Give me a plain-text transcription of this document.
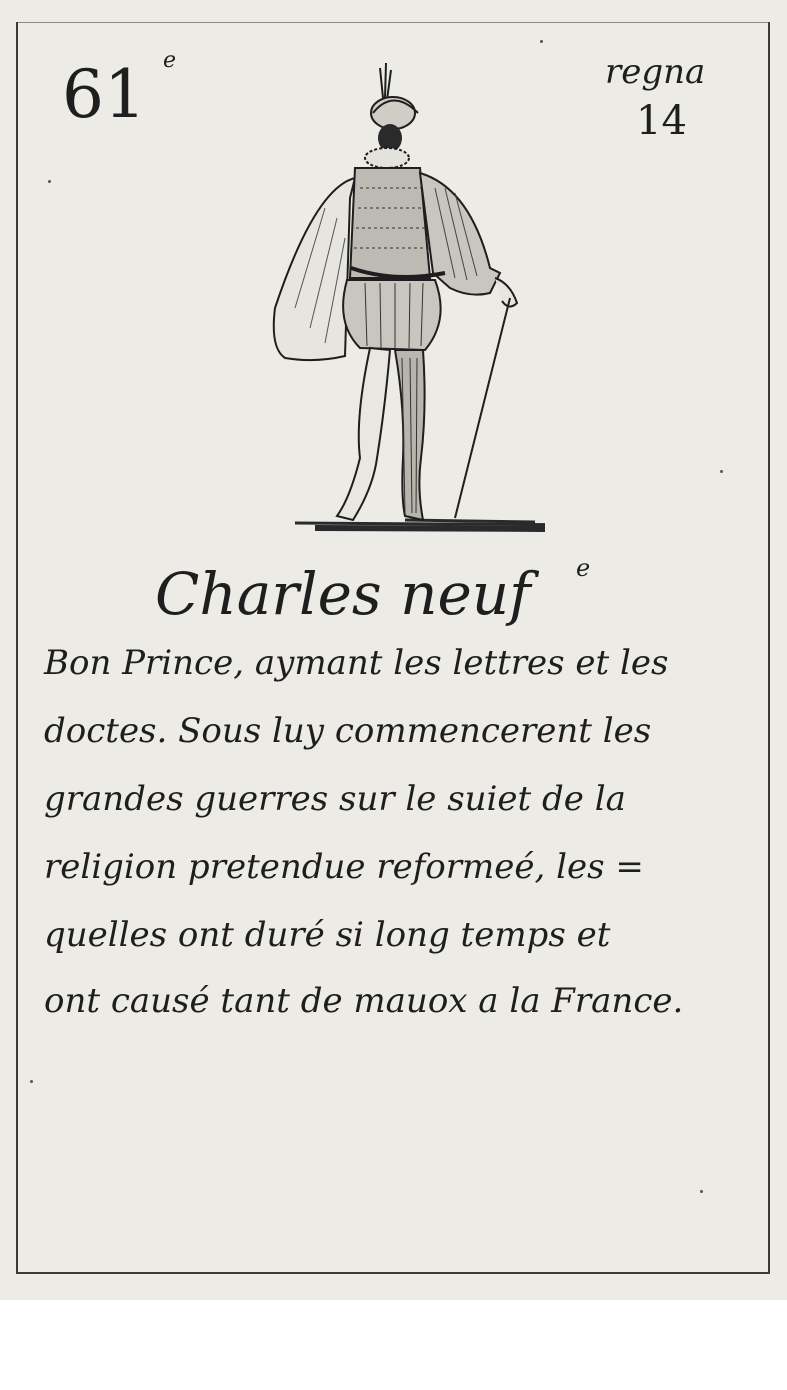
61 e	regna
14
Charles neuf e
Bon Prince, aymant les lettres et les
doctes. Sous luy commencerent les
grandes guerres sur le suiet de la
religion pretendue reformeé, les =
quelles ont duré si long temps et
ont causé tant de mauox a la France.
